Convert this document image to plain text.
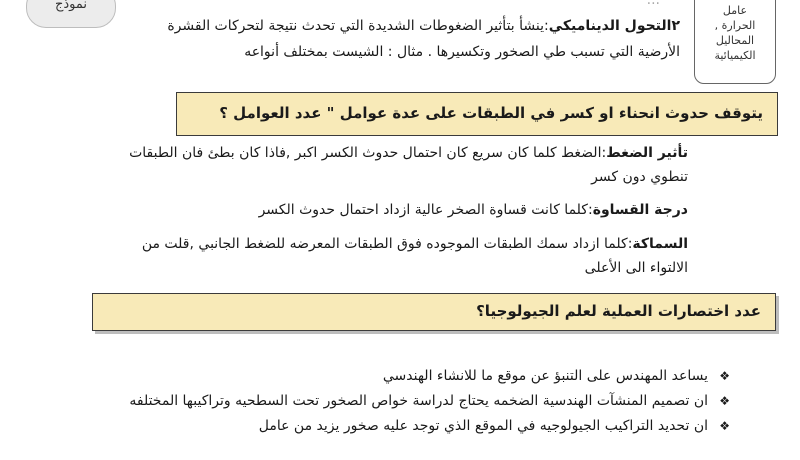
نموذج	...
عامل
الحرارة ,
المحاليل
الكيميائية
٢التحول الديناميكي:ينشأ بتأثير الضغوطات الشديدة التي تحدث نتيجة لتحركات القشرة
الأرضية التي تسبب طي الصخور وتكسيرها . مثال : الشيست بمختلف أنواعه
يتوقف حدوث انحناء او كسر في الطبقات على عدة عوامل " عدد العوامل ؟
تأثير الضغط:الضغط كلما كان سريع كان احتمال حدوث الكسر اكبر ,فاذا كان بطئ فان الطبقات
تنطوي دون كسر
درجة القساوة:كلما كانت قساوة الصخر عالية ازداد احتمال حدوث الكسر
السماكة:كلما ازداد سمك الطبقات الموجوده فوق الطبقات المعرضه للضغط الجانبي ,قلت من
الالتواء الى الأعلى
عدد اختصارات العملية لعلم الجيولوجيا؟
❖
يساعد المهندس على التنبؤ عن موقع ما للانشاء الهندسي
❖
ان تصميم المنشآت الهندسية الضخمه يحتاج لدراسة خواص الصخور تحت السطحيه وتراكيبها المختلفه
❖
ان تحديد التراكيب الجيولوجيه في الموقع الذي توجد عليه صخور يزيد من عامل
